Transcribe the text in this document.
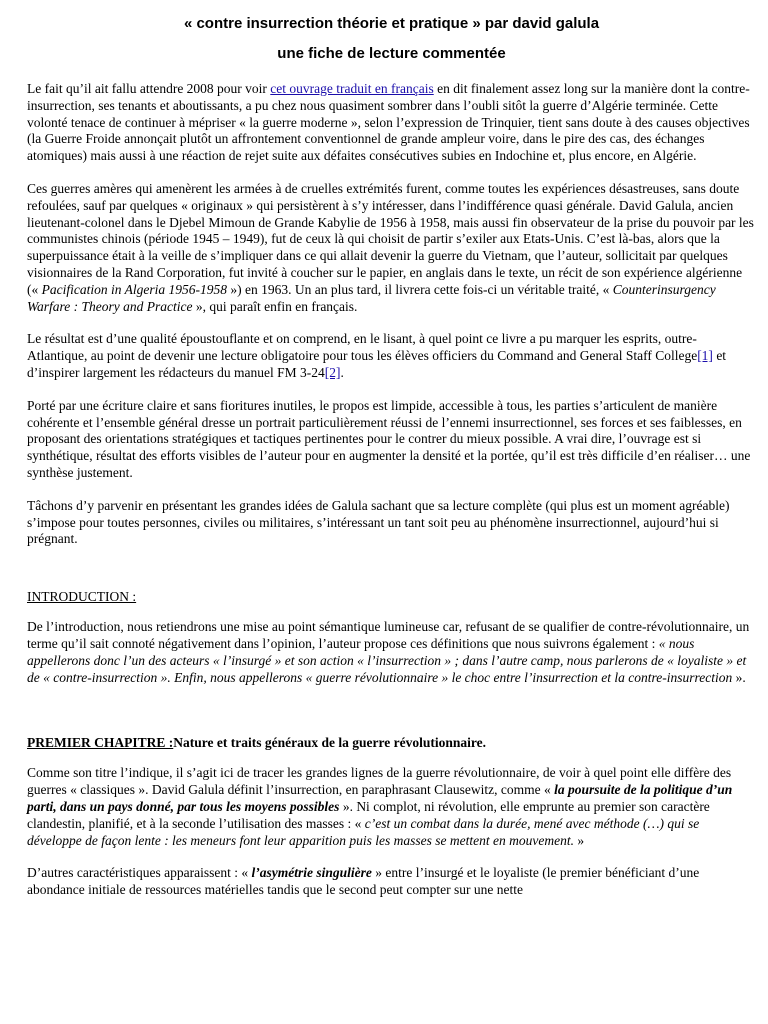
« contre insurrection théorie et pratique » par david galula
une fiche de lecture commentée

Le fait qu’il ait fallu attendre 2008 pour voir cet ouvrage traduit en français en dit finalement assez long sur la manière dont la contre-insurrection, ses tenants et aboutissants, a pu chez nous quasiment sombrer dans l’oubli sitôt la guerre d’Algérie terminée. Cette volonté tenace de continuer à mépriser « la guerre moderne », selon l’expression de Trinquier, tient sans doute à des causes objectives (la Guerre Froide annonçait plutôt un affrontement conventionnel de grande ampleur voire, dans le pire des cas, des échanges atomiques) mais aussi à une réaction de rejet suite aux défaites consécutives subies en Indochine et, plus encore, en Algérie.

Ces guerres amères qui amenèrent les armées à de cruelles extrémités furent, comme toutes les expériences désastreuses, sans doute refoulées, sauf par quelques « originaux » qui persistèrent à s’y intéresser, dans l’indifférence quasi générale. David Galula, ancien lieutenant-colonel dans le Djebel Mimoun de Grande Kabylie de 1956 à 1958, mais aussi fin observateur de la prise du pouvoir par les communistes chinois (période 1945 – 1949), fut de ceux là qui choisit de partir s’exiler aux Etats-Unis. C’est là-bas, alors que la superpuissance était à la veille de s’impliquer dans ce qui allait devenir la guerre du Vietnam, que l’auteur, sollicitait par quelques visionnaires de la Rand Corporation, fut invité à coucher sur le papier, en anglais dans le texte, un récit de son expérience algérienne (« Pacification in Algeria 1956-1958 ») en 1963. Un an plus tard, il livrera cette fois-ci un véritable traité, « Counterinsurgency Warfare : Theory and Practice », qui paraît enfin en français.

Le résultat est d’une qualité époustouflante et on comprend, en le lisant, à quel point ce livre a pu marquer les esprits, outre-Atlantique, au point de devenir une lecture obligatoire pour tous les élèves officiers du Command and General Staff College[1] et d’inspirer largement les rédacteurs du manuel FM 3-24[2].

Porté par une écriture claire et sans fioritures inutiles, le propos est limpide, accessible à tous, les parties s’articulent de manière cohérente et l’ensemble général dresse un portrait particulièrement réussi de l’ennemi insurrectionnel, ses forces et ses faiblesses, en proposant des orientations stratégiques et tactiques pertinentes pour le contrer du mieux possible. A vrai dire, l’ouvrage est si synthétique, résultat des efforts visibles de l’auteur pour en augmenter la densité et la portée, qu’il est très difficile d’en réaliser… une synthèse justement.

Tâchons d’y parvenir en présentant les grandes idées de Galula sachant que sa lecture complète (qui plus est un moment agréable) s’impose pour toutes personnes, civiles ou militaires, s’intéressant un tant soit peu au phénomène insurrectionnel, aujourd’hui si prégnant.

INTRODUCTION :

De l’introduction, nous retiendrons une mise au point sémantique lumineuse car, refusant de se qualifier de contre-révolutionnaire, un terme qu’il sait connoté négativement dans l’opinion, l’auteur propose ces définitions que nous suivrons également : « nous appellerons donc l’un des acteurs « l’insurgé » et son action « l’insurrection » ; dans l’autre camp, nous parlerons de « loyaliste » et de « contre-insurrection ». Enfin, nous appellerons « guerre révolutionnaire » le choc entre l’insurrection et la contre-insurrection ».

PREMIER CHAPITRE :Nature et traits généraux de la guerre révolutionnaire.

Comme son titre l’indique, il s’agit ici de tracer les grandes lignes de la guerre révolutionnaire, de voir à quel point elle diffère des guerres « classiques ». David Galula définit l’insurrection, en paraphrasant Clausewitz, comme « la poursuite de la politique d’un parti, dans un pays donné, par tous les moyens possibles ». Ni complot, ni révolution, elle emprunte au premier son caractère clandestin, planifié, et à la seconde l’utilisation des masses : « c’est un combat dans la durée, mené avec méthode (…) qui se développe de façon lente : les meneurs font leur apparition puis les masses se mettent en mouvement. »

D’autres caractéristiques apparaissent : « l’asymétrie singulière » entre l’insurgé et le loyaliste (le premier bénéficiant d’une abondance initiale de ressources matérielles tandis que le second peut compter sur une nette
